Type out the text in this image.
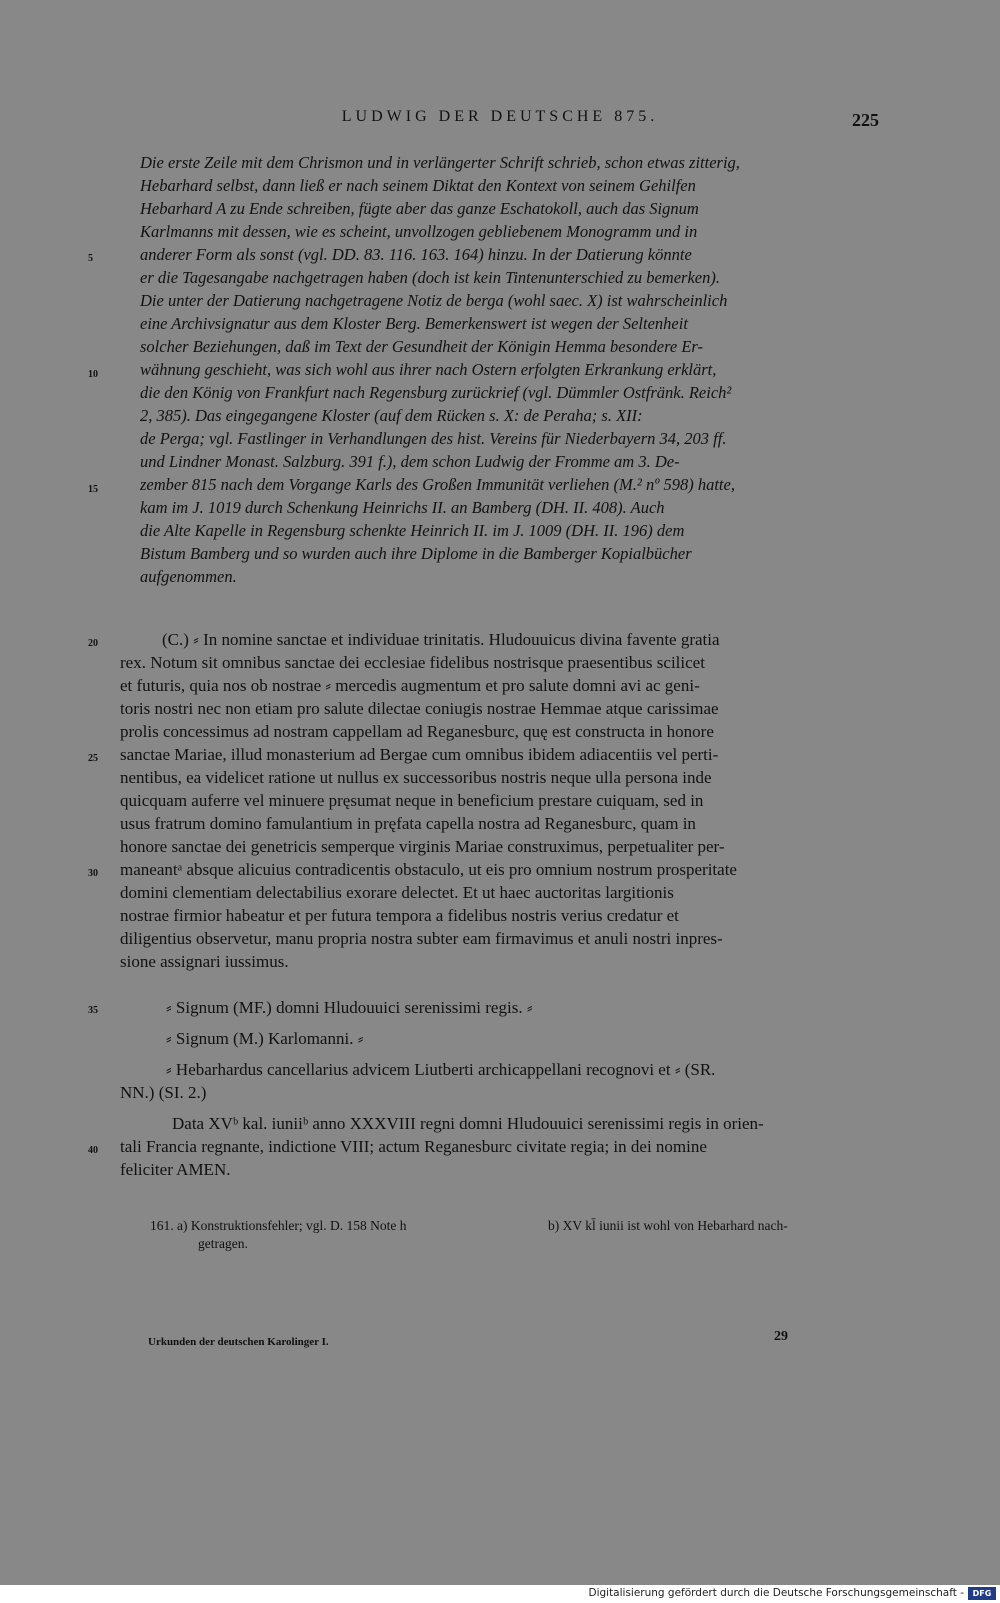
LUDWIG DER DEUTSCHE 875.	225
Die erste Zeile mit dem Chrismon und in verlängerter Schrift schrieb, schon etwas zitterig,
Hebarhard selbst, dann ließ er nach seinem Diktat den Kontext von seinem Gehilfen
Hebarhard A zu Ende schreiben, fügte aber das ganze Eschatokoll, auch das Signum
Karlmanns mit dessen, wie es scheint, unvollzogen gebliebenem Monogramm und in
anderer Form als sonst (vgl. DD. 83. 116. 163. 164) hinzu. In der Datierung könnte
er die Tagesangabe nachgetragen haben (doch ist kein Tintenunterschied zu bemerken).
Die unter der Datierung nachgetragene Notiz de berga (wohl saec. X) ist wahrscheinlich
eine Archivsignatur aus dem Kloster Berg. Bemerkenswert ist wegen der Seltenheit
solcher Beziehungen, daß im Text der Gesundheit der Königin Hemma besondere Er-
wähnung geschieht, was sich wohl aus ihrer nach Ostern erfolgten Erkrankung erklärt,
die den König von Frankfurt nach Regensburg zurückrief (vgl. Dümmler Ostfränk. Reich²
2, 385). Das eingegangene Kloster (auf dem Rücken s. X: de Peraha; s. XII:
de Perga; vgl. Fastlinger in Verhandlungen des hist. Vereins für Niederbayern 34, 203 ff.
und Lindner Monast. Salzburg. 391 f.), dem schon Ludwig der Fromme am 3. De-
zember 815 nach dem Vorgange Karls des Großen Immunität verliehen (M.² nº 598) hatte,
kam im J. 1019 durch Schenkung Heinrichs II. an Bamberg (DH. II. 408). Auch
die Alte Kapelle in Regensburg schenkte Heinrich II. im J. 1009 (DH. II. 196) dem
Bistum Bamberg und so wurden auch ihre Diplome in die Bamberger Kopialbücher
aufgenommen.
(C.) ⸗ In nomine sanctae et individuae trinitatis. Hludouuicus divina favente gratia
rex. Notum sit omnibus sanctae dei ecclesiae fidelibus nostrisque praesentibus scilicet
et futuris, quia nos ob nostrae ⸗ mercedis augmentum et pro salute domni avi ac geni-
toris nostri nec non etiam pro salute dilectae coniugis nostrae Hemmae atque carissimae
prolis concessimus ad nostram cappellam ad Reganesburc, quę est constructa in honore
sanctae Mariae, illud monasterium ad Bergae cum omnibus ibidem adiacentiis vel perti-
nentibus, ea videlicet ratione ut nullus ex successoribus nostris neque ulla persona inde
quicquam auferre vel minuere pręsumat neque in beneficium prestare cuiquam, sed in
usus fratrum domino famulantium in pręfata capella nostra ad Reganesburc, quam in
honore sanctae dei genetricis semperque virginis Mariae construximus, perpetualiter per-
maneantᵃ absque alicuius contradicentis obstaculo, ut eis pro omnium nostrum prosperitate
domini clementiam delectabilius exorare delectet. Et ut haec auctoritas largitionis
nostrae firmior habeatur et per futura tempora a fidelibus nostris verius credatur et
diligentius observetur, manu propria nostra subter eam firmavimus et anuli nostri inpres-
sione assignari iussimus.
⸗ Signum (MF.) domni Hludouuici serenissimi regis. ⸗
⸗ Signum (M.) Karlomanni. ⸗
⸗ Hebarhardus cancellarius advicem Liutberti archicappellani recognovi et ⸗ (SR.
NN.) (SI. 2.)
Data XVᵇ kal. iuniiᵇ anno XXXVIII regni domni Hludouuici serenissimi regis in orien-
tali Francia regnante, indictione VIII; actum Reganesburc civitate regia; in dei nomine
feliciter AMEN.
5
10
15
20
25
30
35
40
161. a) Konstruktionsfehler; vgl. D. 158 Note h	b) XV kl̄ iunii ist wohl von Hebarhard nach-
getragen.
Urkunden der deutschen Karolinger I.	29
Digitalisierung gefördert durch die Deutsche Forschungsgemeinschaft -	DFG
